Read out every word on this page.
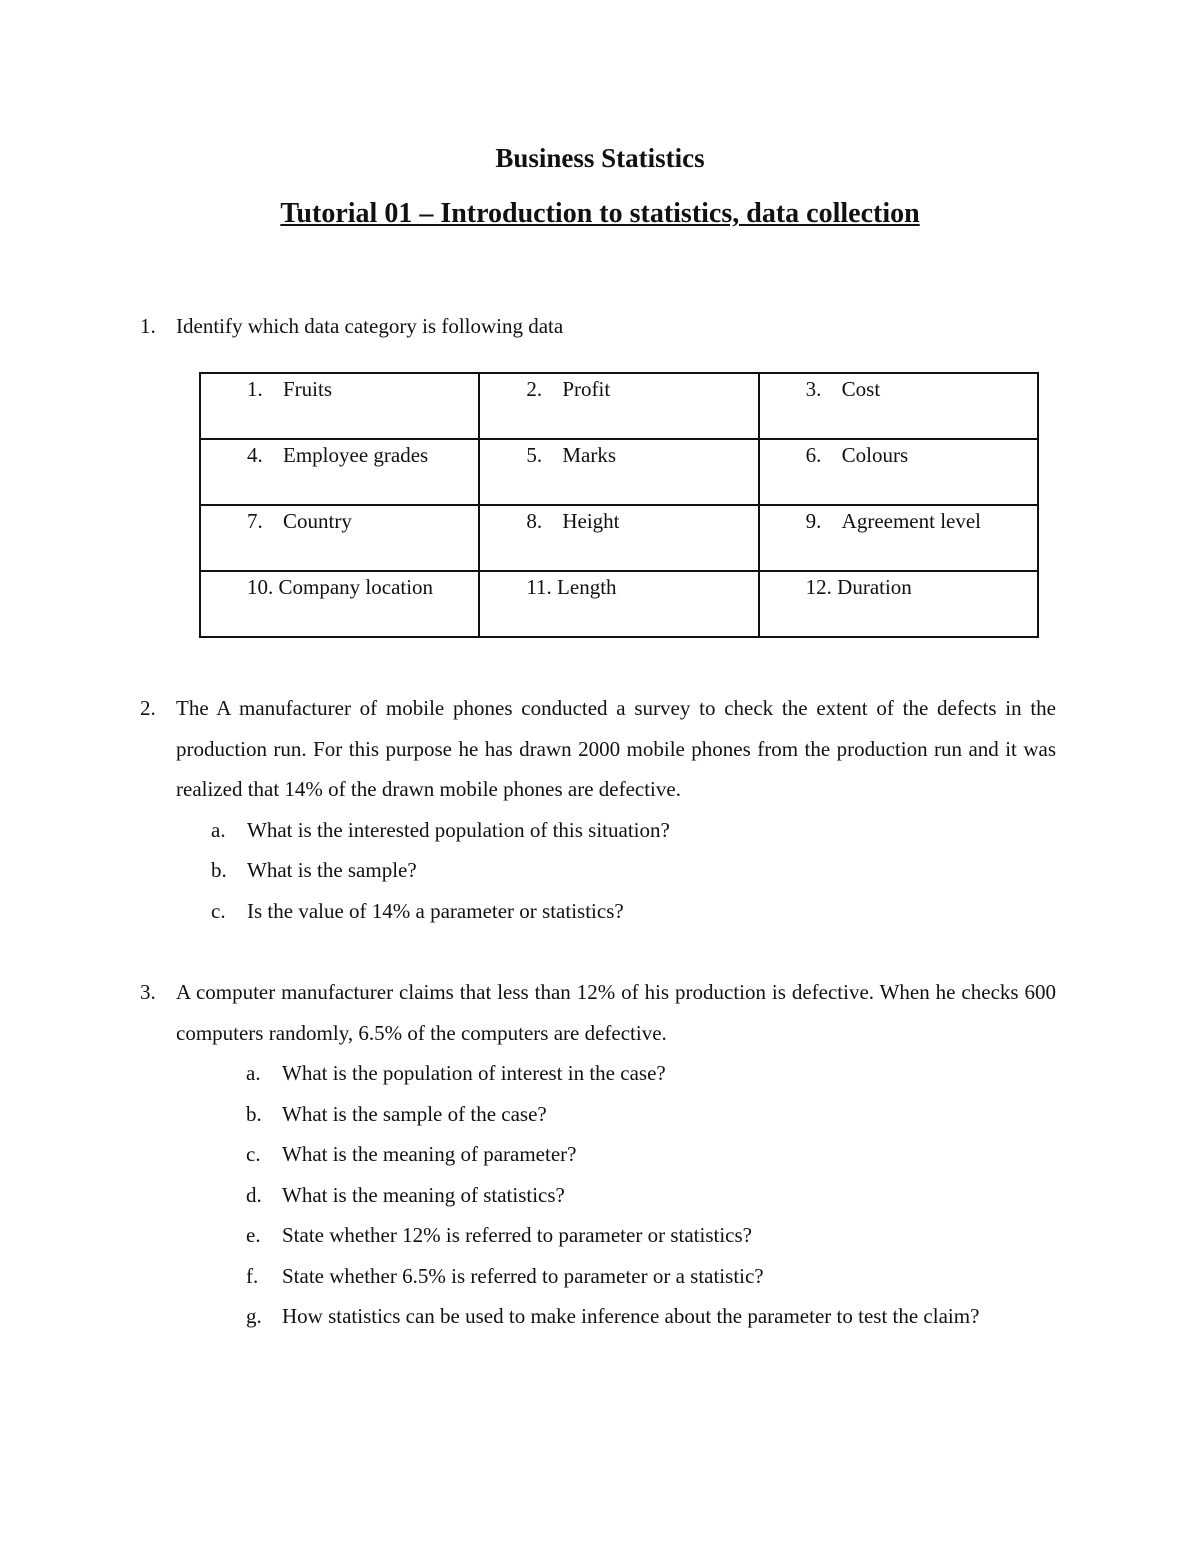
Business Statistics
Tutorial 01 – Introduction to statistics, data collection
1. Identify which data category is following data
1. Fruits	2. Profit	3. Cost

4. Employee grades	5. Marks	6. Colours

7. Country	8. Height	9. Agreement level

10. Company location	11. Length	12. Duration
2. The A manufacturer of mobile phones conducted a survey to check the extent of the defects in the production run. For this purpose he has drawn 2000 mobile phones from the production run and it was realized that 14% of the drawn mobile phones are defective.
a. What is the interested population of this situation?
b. What is the sample?
c. Is the value of 14% a parameter or statistics?
3. A computer manufacturer claims that less than 12% of his production is defective. When he checks 600 computers randomly, 6.5% of the computers are defective.
a. What is the population of interest in the case?
b. What is the sample of the case?
c. What is the meaning of parameter?
d. What is the meaning of statistics?
e. State whether 12% is referred to parameter or statistics?
f. State whether 6.5% is referred to parameter or a statistic?
g. How statistics can be used to make inference about the parameter to test the claim?
